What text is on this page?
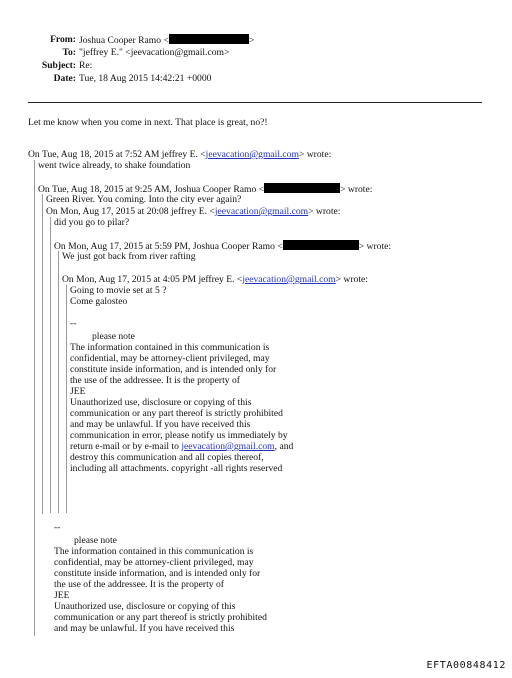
From: Joshua Cooper Ramo <	>
To: "jeffrey E." <jeevacation@gmail.com>
Subject: Re:
Date: Tue, 18 Aug 2015 14:42:21 +0000
Let me know when you come in next. That place is great, no?!
On Tue, Aug 18, 2015 at 7:52 AM jeffrey E. <jeevacation@gmail.com> wrote:
went twice already, to shake foundation
On Tue, Aug 18, 2015 at 9:25 AM, Joshua Cooper Ramo <	> wrote:
Green River. You coming. Into the city ever again?
On Mon, Aug 17, 2015 at 20:08 jeffrey E. <jeevacation@gmail.com> wrote:
did you go to pilar?
On Mon, Aug 17, 2015 at 5:59 PM, Joshua Cooper Ramo <	> wrote:
We just got back from river rafting
On Mon, Aug 17, 2015 at 4:05 PM jeffrey E. <jeevacation@gmail.com> wrote:
Going to movie set at 5 ?
Come galosteo
--
please note
The information contained in this communication is
confidential, may be attorney-client privileged, may
constitute inside information, and is intended only for
the use of the addressee. It is the property of
JEE
Unauthorized use, disclosure or copying of this
communication or any part thereof is strictly prohibited
and may be unlawful. If you have received this
communication in error, please notify us immediately by
return e-mail or by e-mail to jeevacation@gmail.com, and
destroy this communication and all copies thereof,
including all attachments. copyright -all rights reserved
--
please note
The information contained in this communication is
confidential, may be attorney-client privileged, may
constitute inside information, and is intended only for
the use of the addressee. It is the property of
JEE
Unauthorized use, disclosure or copying of this
communication or any part thereof is strictly prohibited
and may be unlawful. If you have received this
EFTA00848412
